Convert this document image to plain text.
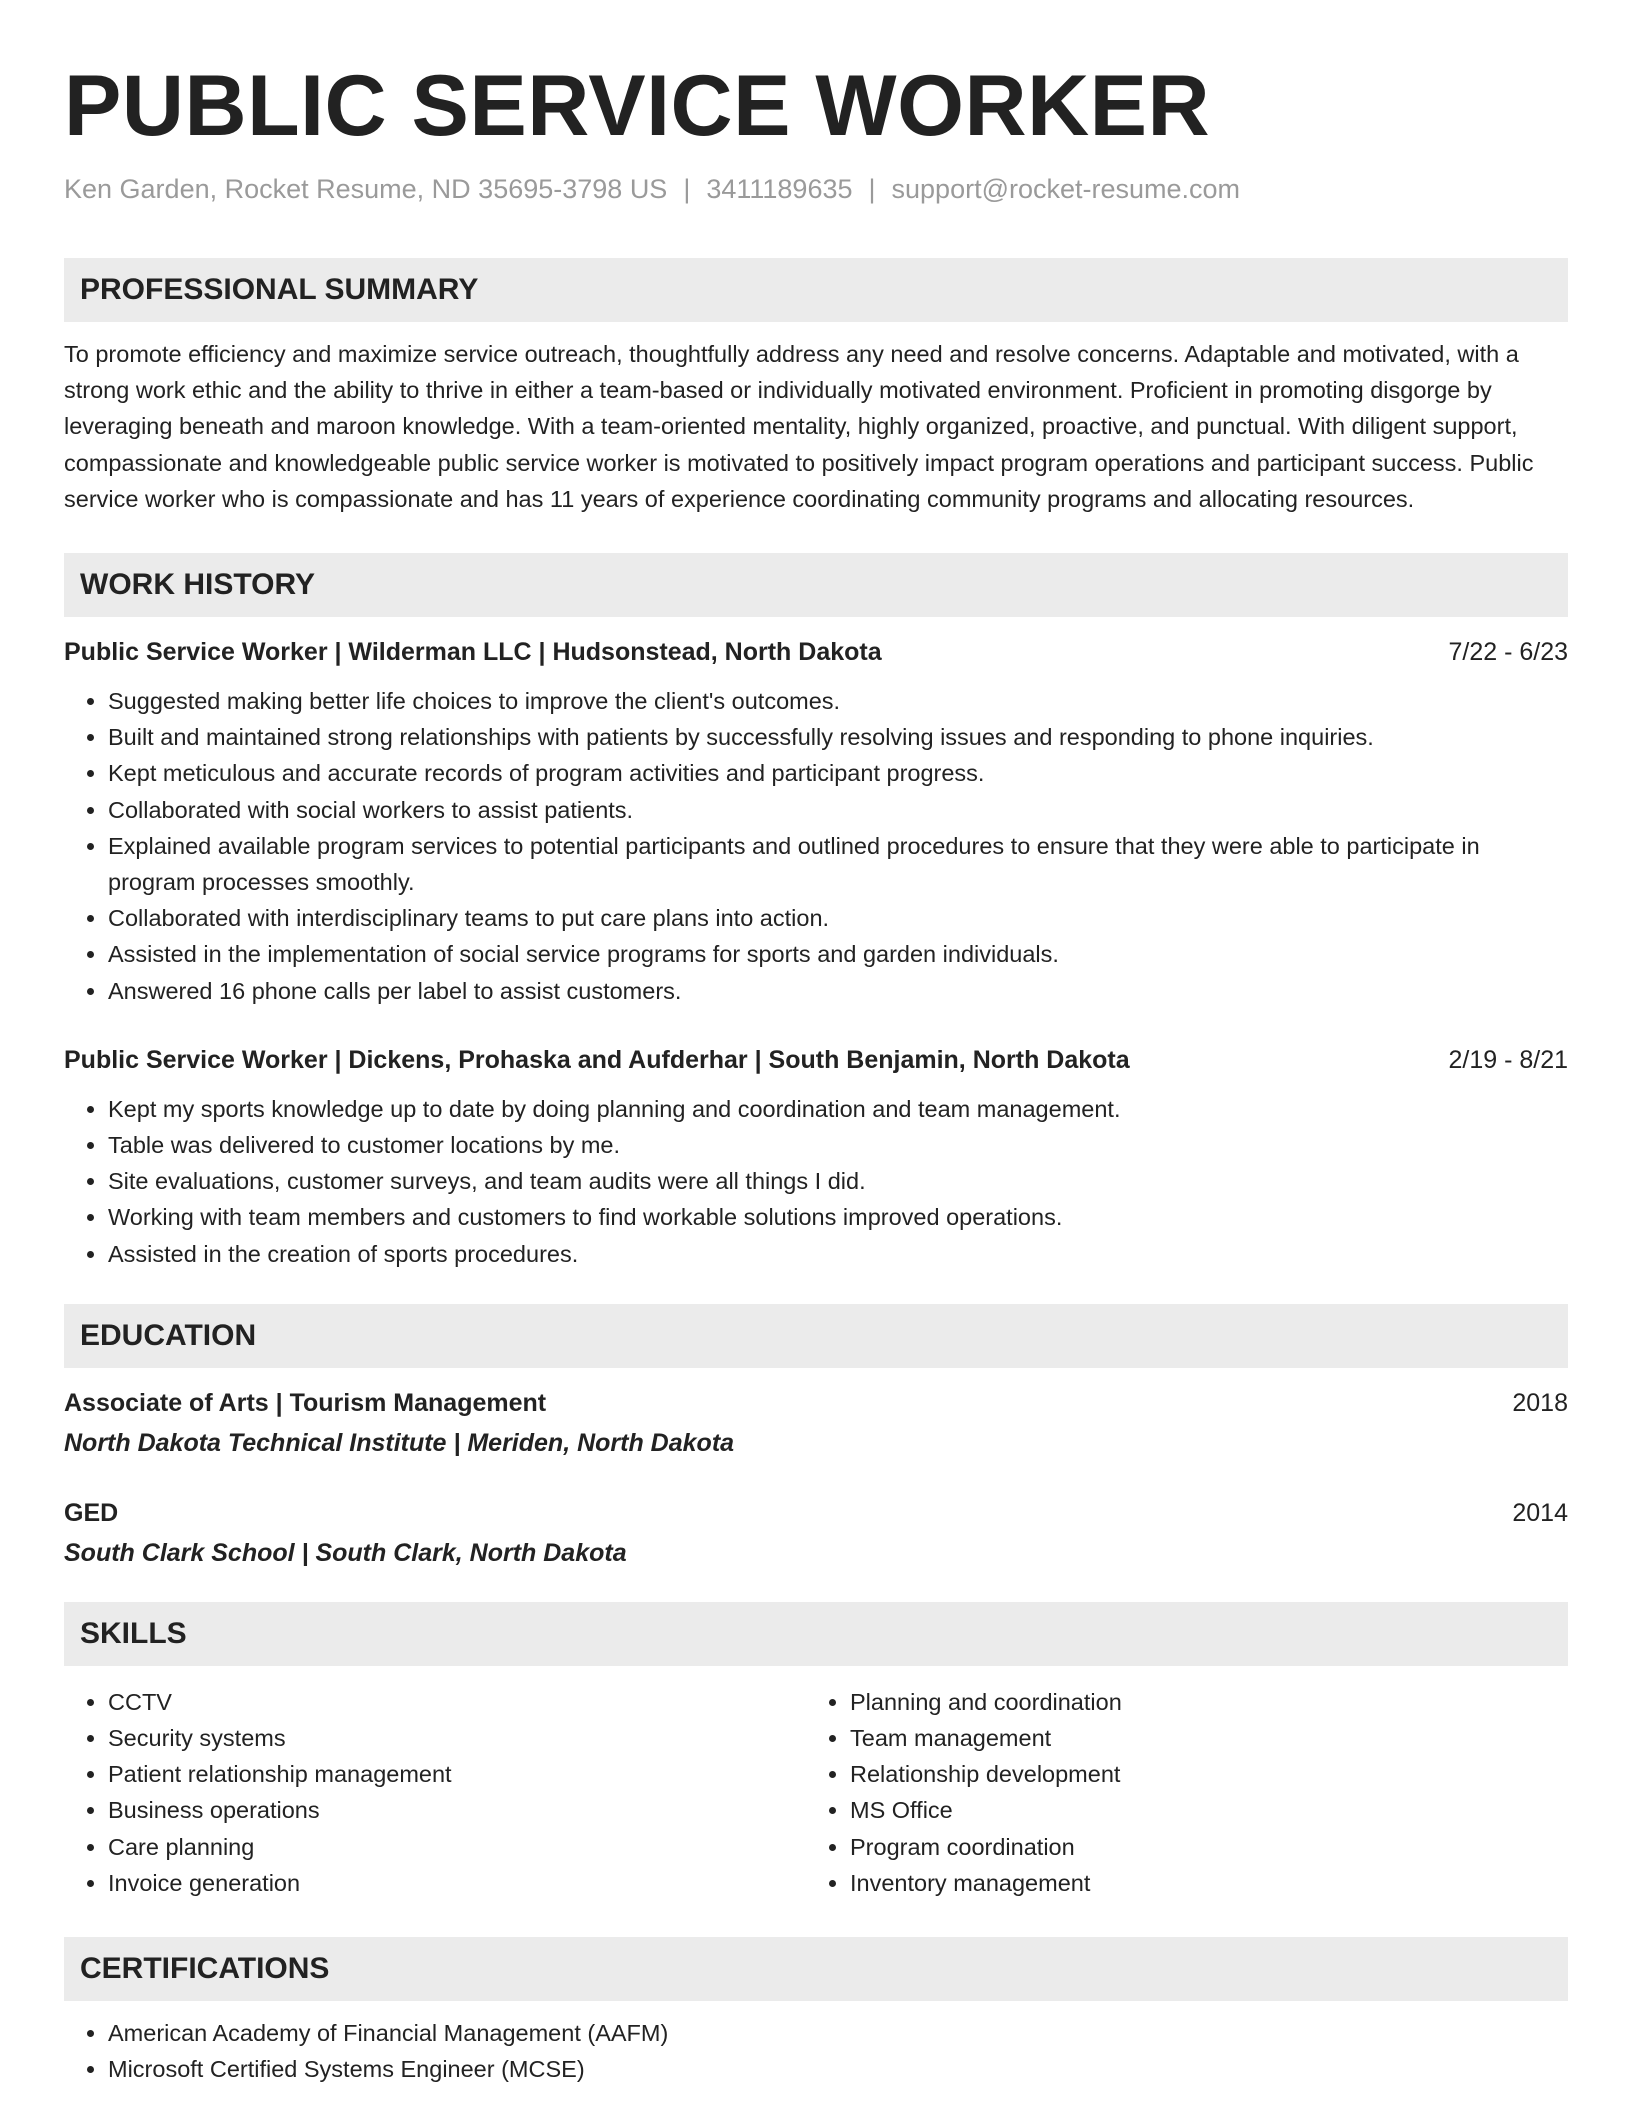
PUBLIC SERVICE WORKER
Ken Garden, Rocket Resume, ND 35695-3798 US | 3411189635 | support@rocket-resume.com
PROFESSIONAL SUMMARY

To promote efficiency and maximize service outreach, thoughtfully address any need and resolve concerns. Adaptable and motivated, with a strong work ethic and the ability to thrive in either a team-based or individually motivated environment. Proficient in promoting disgorge by leveraging beneath and maroon knowledge. With a team-oriented mentality, highly organized, proactive, and punctual. With diligent support, compassionate and knowledgeable public service worker is motivated to positively impact program operations and participant success. Public service worker who is compassionate and has 11 years of experience coordinating community programs and allocating resources.

WORK HISTORY
Public Service Worker | Wilderman LLC | Hudsonstead, North Dakota	7/22 - 6/23
• Suggested making better life choices to improve the client's outcomes.
• Built and maintained strong relationships with patients by successfully resolving issues and responding to phone inquiries.
• Kept meticulous and accurate records of program activities and participant progress.
• Collaborated with social workers to assist patients.
• Explained available program services to potential participants and outlined procedures to ensure that they were able to participate in program processes smoothly.
• Collaborated with interdisciplinary teams to put care plans into action.
• Assisted in the implementation of social service programs for sports and garden individuals.
• Answered 16 phone calls per label to assist customers.
Public Service Worker | Dickens, Prohaska and Aufderhar | South Benjamin, North Dakota	2/19 - 8/21
• Kept my sports knowledge up to date by doing planning and coordination and team management.
• Table was delivered to customer locations by me.
• Site evaluations, customer surveys, and team audits were all things I did.
• Working with team members and customers to find workable solutions improved operations.
• Assisted in the creation of sports procedures.
EDUCATION
Associate of Arts | Tourism Management	2018
North Dakota Technical Institute | Meriden, North Dakota
GED	2014
South Clark School | South Clark, North Dakota
SKILLS
• CCTV
• Security systems
• Patient relationship management
• Business operations
• Care planning
• Invoice generation
• Planning and coordination
• Team management
• Relationship development
• MS Office
• Program coordination
• Inventory management
CERTIFICATIONS
• American Academy of Financial Management (AAFM)
• Microsoft Certified Systems Engineer (MCSE)
